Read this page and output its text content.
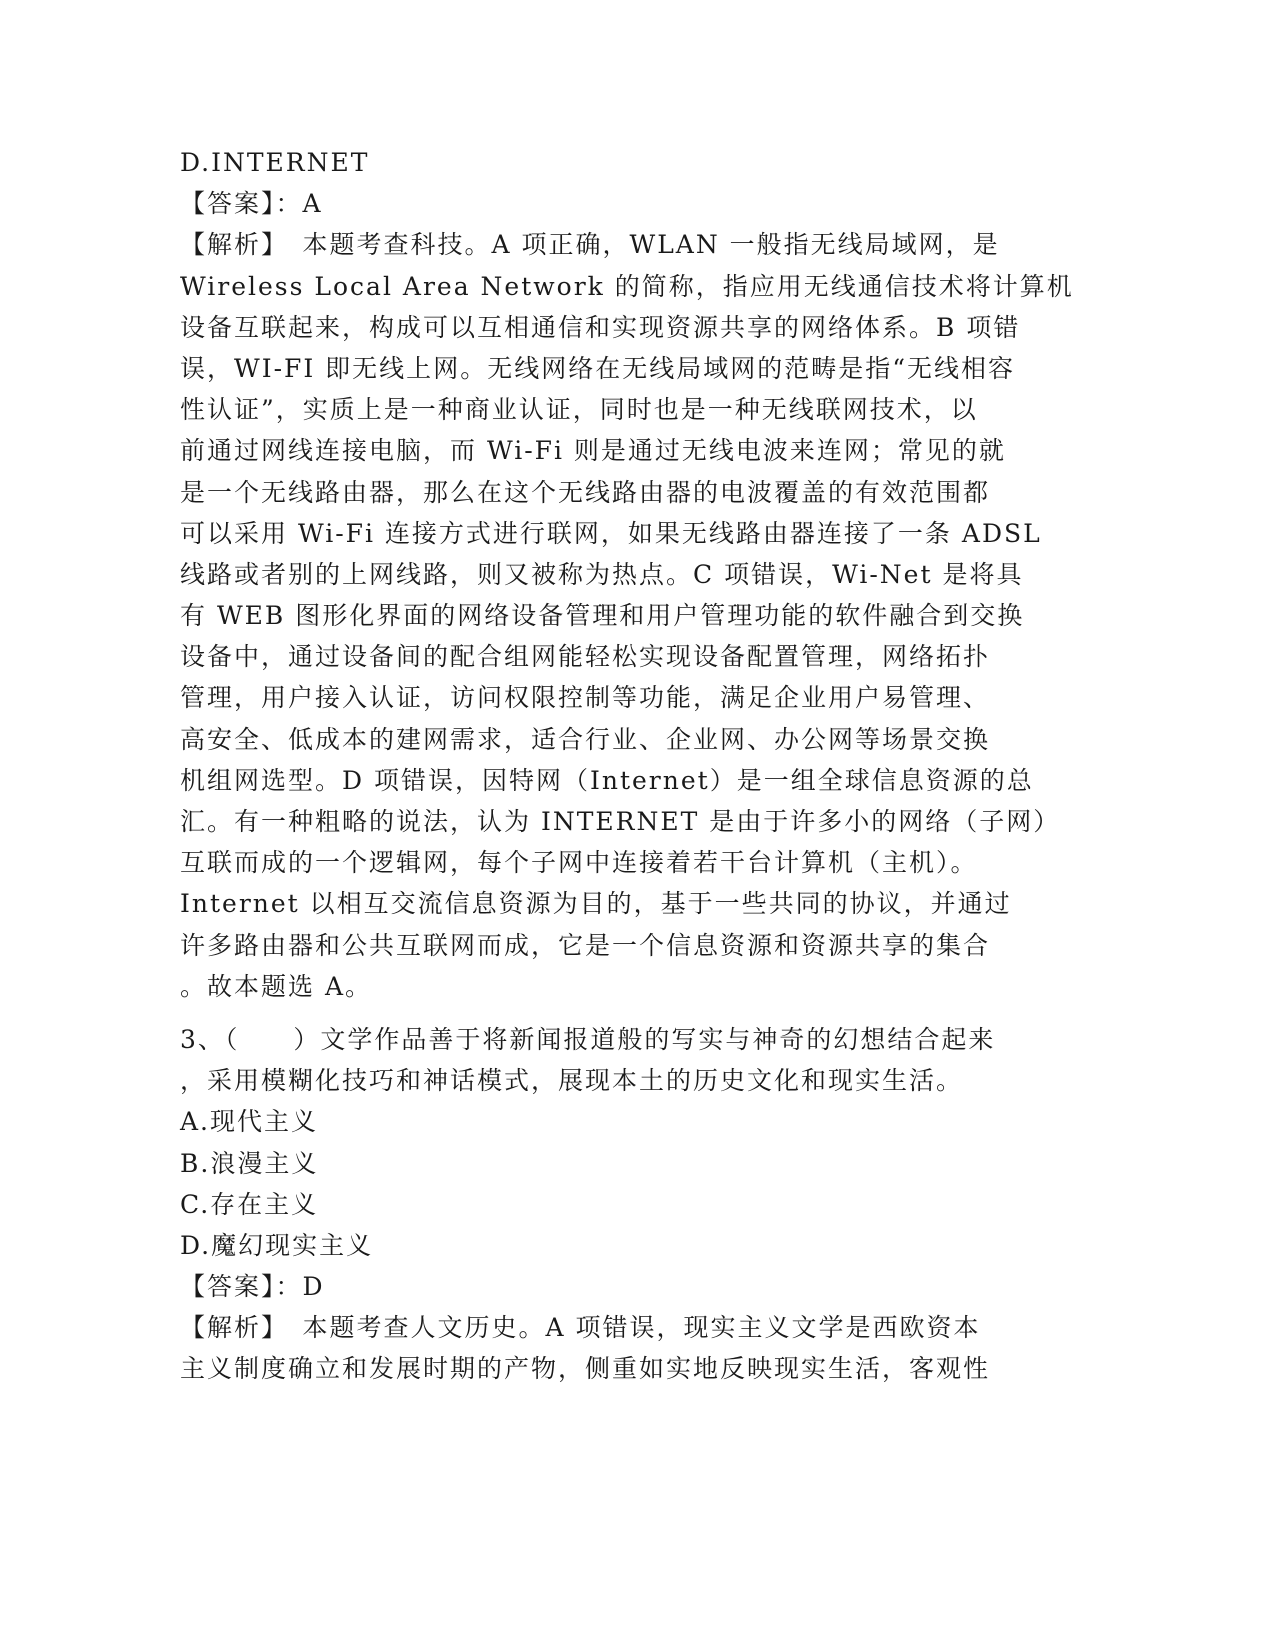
D.INTERNET
【答案】：A
【解析】　本题考查科技。A 项正确，WLAN 一般指无线局域网，是
Wireless Local Area Network 的简称，指应用无线通信技术将计算机
设备互联起来，构成可以互相通信和实现资源共享的网络体系。B 项错
误，WI-FI 即无线上网。无线网络在无线局域网的范畴是指“无线相容
性认证”，实质上是一种商业认证，同时也是一种无线联网技术，以
前通过网线连接电脑，而 Wi-Fi 则是通过无线电波来连网；常见的就
是一个无线路由器，那么在这个无线路由器的电波覆盖的有效范围都
可以采用 Wi-Fi 连接方式进行联网，如果无线路由器连接了一条 ADSL
线路或者别的上网线路，则又被称为热点。C 项错误，Wi-Net 是将具
有 WEB 图形化界面的网络设备管理和用户管理功能的软件融合到交换
设备中，通过设备间的配合组网能轻松实现设备配置管理，网络拓扑
管理，用户接入认证，访问权限控制等功能，满足企业用户易管理、
高安全、低成本的建网需求，适合行业、企业网、办公网等场景交换
机组网选型。D 项错误，因特网（Internet）是一组全球信息资源的总
汇。有一种粗略的说法，认为 INTERNET 是由于许多小的网络（子网）
互联而成的一个逻辑网，每个子网中连接着若干台计算机（主机）。
Internet 以相互交流信息资源为目的，基于一些共同的协议，并通过
许多路由器和公共互联网而成，它是一个信息资源和资源共享的集合
。故本题选 A。
3、（　　）文学作品善于将新闻报道般的写实与神奇的幻想结合起来
，采用模糊化技巧和神话模式，展现本土的历史文化和现实生活。
A.现代主义
B.浪漫主义
C.存在主义
D.魔幻现实主义
【答案】：D
【解析】　本题考查人文历史。A 项错误，现实主义文学是西欧资本
主义制度确立和发展时期的产物，侧重如实地反映现实生活，客观性
